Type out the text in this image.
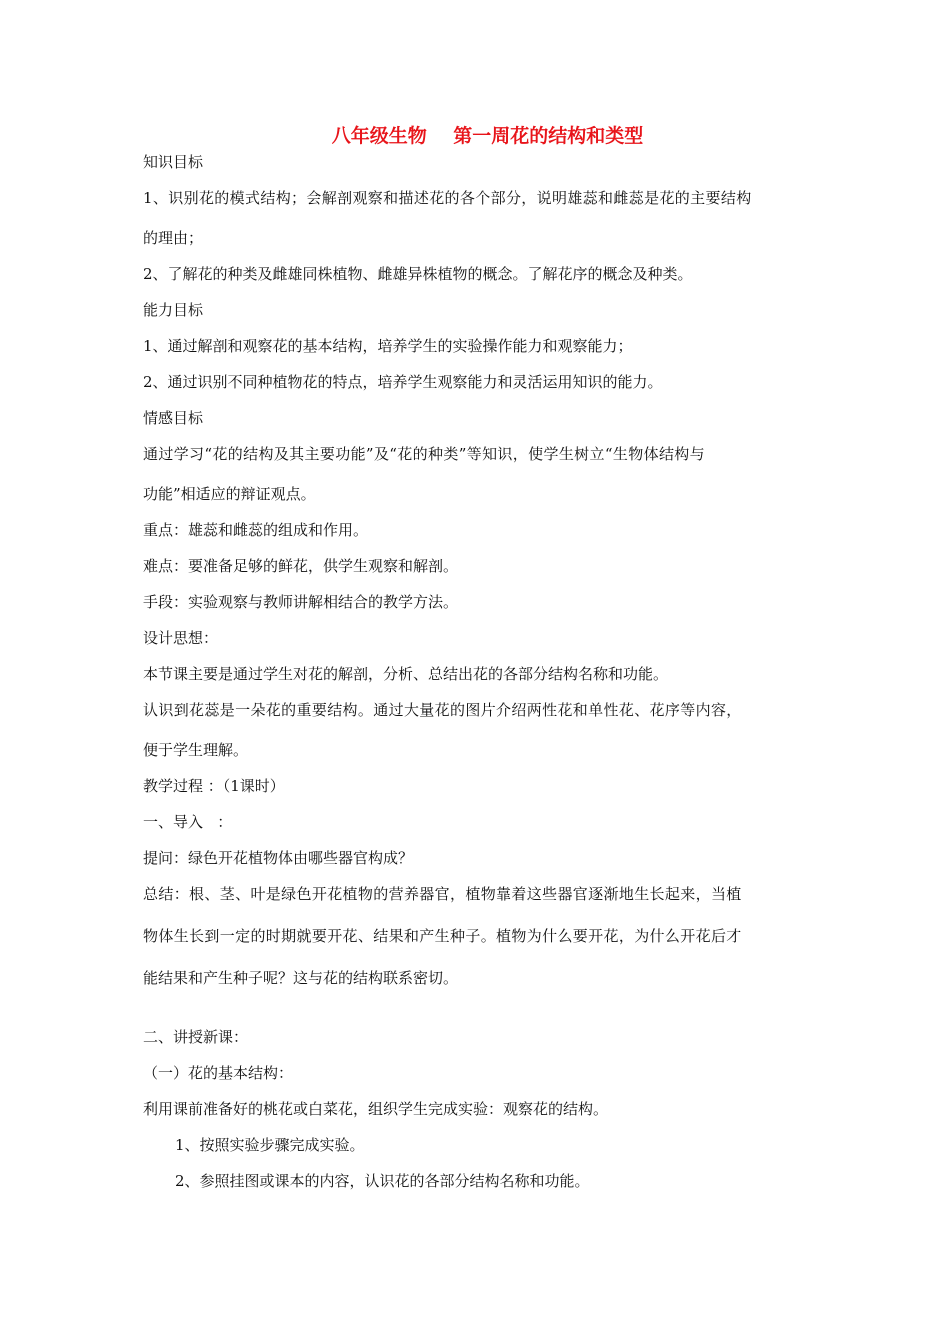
八年级生物    第一周花的结构和类型
知识目标
1、识别花的模式结构；会解剖观察和描述花的各个部分，说明雄蕊和雌蕊是花的主要结构
的理由；
2、了解花的种类及雌雄同株植物、雌雄异株植物的概念。了解花序的概念及种类。
能力目标
1、通过解剖和观察花的基本结构，培养学生的实验操作能力和观察能力；
2、通过识别不同种植物花的特点，培养学生观察能力和灵活运用知识的能力。
情感目标
通过学习“花的结构及其主要功能”及“花的种类”等知识，使学生树立“生物体结构与
功能”相适应的辩证观点。
重点：雄蕊和雌蕊的组成和作用。
难点：要准备足够的鲜花，供学生观察和解剖。
手段：实验观察与教师讲解相结合的教学方法。
设计思想：
本节课主要是通过学生对花的解剖，分析、总结出花的各部分结构名称和功能。
认识到花蕊是一朵花的重要结构。通过大量花的图片介绍两性花和单性花、花序等内容，
便于学生理解。
教学过程 ：（1课时）
一、导入   ：
提问：绿色开花植物体由哪些器官构成？
总结：根、茎、叶是绿色开花植物的营养器官，植物靠着这些器官逐渐地生长起来，当植
物体生长到一定的时期就要开花、结果和产生种子。植物为什么要开花，为什么开花后才
能结果和产生种子呢？这与花的结构联系密切。
二、讲授新课：
（一）花的基本结构：
利用课前准备好的桃花或白菜花，组织学生完成实验：观察花的结构。
1、按照实验步骤完成实验。
2、参照挂图或课本的内容，认识花的各部分结构名称和功能。
